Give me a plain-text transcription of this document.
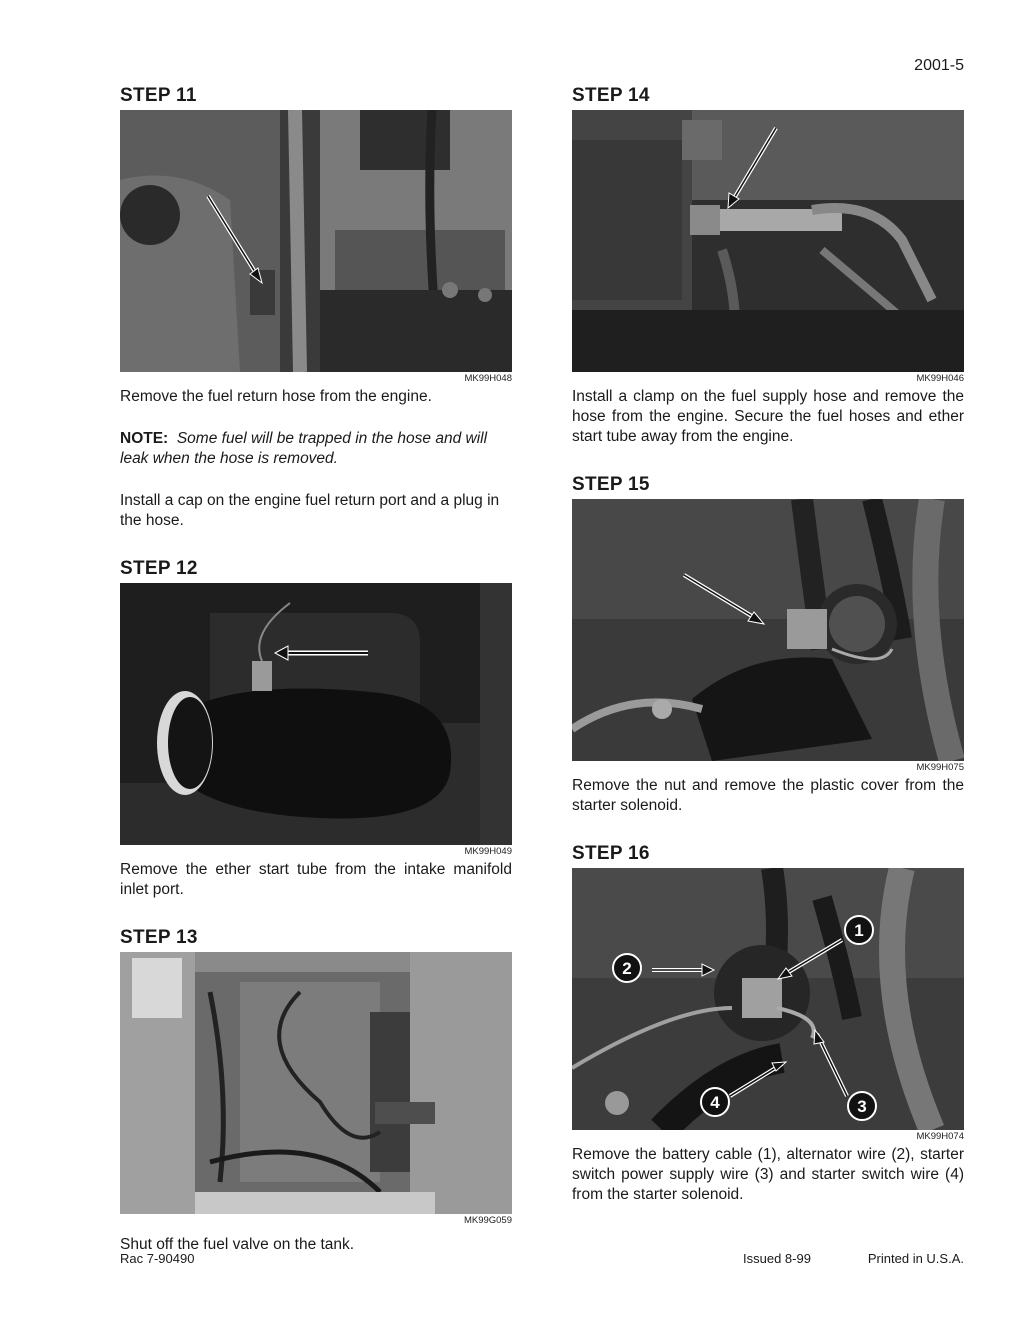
2001-5
STEP 11
MK99H048

Remove the fuel return hose from the engine.

NOTE: Some fuel will be trapped in the hose and will leak when the hose is removed.

Install a cap on the engine fuel return port and a plug in the hose.

STEP 12
MK99H049

Remove the ether start tube from the intake manifold inlet port.

STEP 13
MK99G059

Shut off the fuel valve on the tank.

STEP 14
MK99H046

Install a clamp on the fuel supply hose and remove the hose from the engine. Secure the fuel hoses and ether start tube away from the engine.

STEP 15
MK99H075

Remove the nut and remove the plastic cover from the starter solenoid.

STEP 16
1
2
3
4
MK99H074

Remove the battery cable (1), alternator wire (2), starter switch power supply wire (3) and starter switch wire (4) from the starter solenoid.

Rac 7-90490	Issued 8-99	Printed in U.S.A.
